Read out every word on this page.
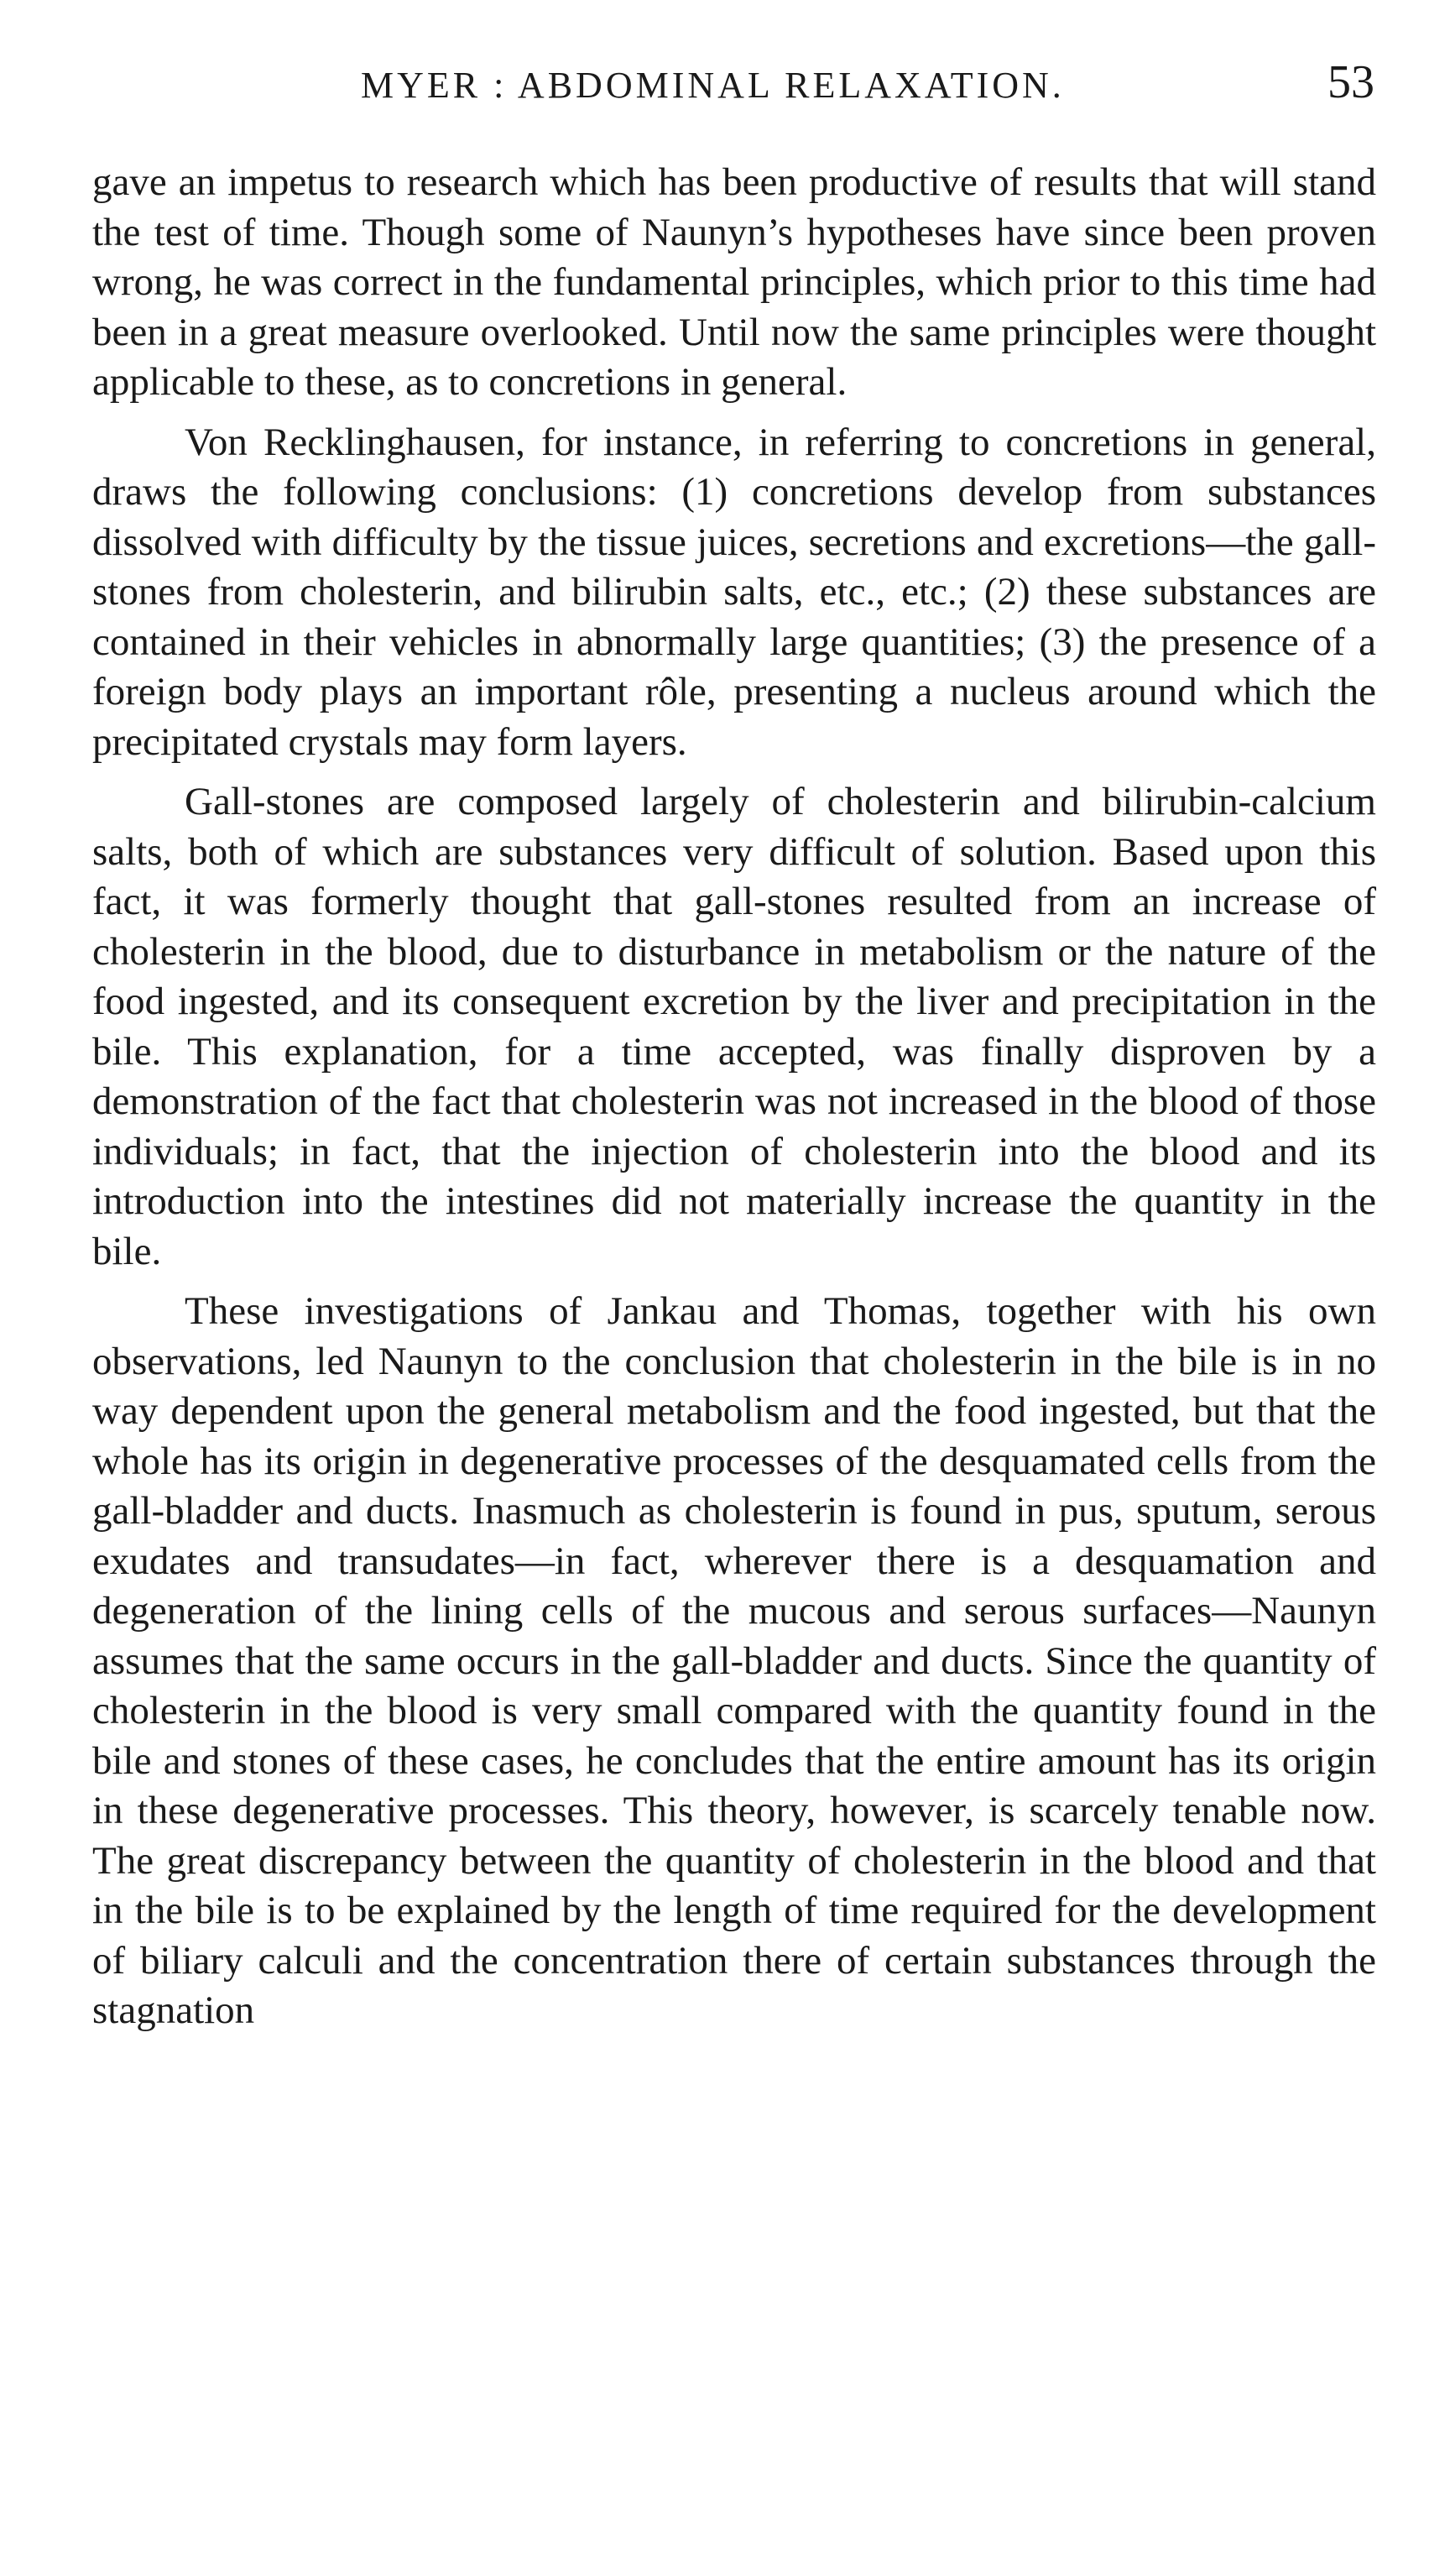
MYER : ABDOMINAL RELAXATION.	53

gave an impetus to research which has been productive of results that will stand the test of time. Though some of Naunyn’s hypotheses have since been proven wrong, he was correct in the fundamental principles, which prior to this time had been in a great measure overlooked. Until now the same principles were thought applicable to these, as to concretions in general.

Von Recklinghausen, for instance, in referring to concretions in general, draws the following conclusions: (1) concretions develop from substances dissolved with difficulty by the tissue juices, secretions and excretions—the gall-stones from cholesterin, and bilirubin salts, etc., etc.; (2) these substances are contained in their vehicles in abnormally large quantities; (3) the presence of a foreign body plays an important rôle, presenting a nucleus around which the precipitated crystals may form layers.

Gall-stones are composed largely of cholesterin and bilirubin-calcium salts, both of which are substances very difficult of solution. Based upon this fact, it was formerly thought that gall-stones resulted from an increase of cholesterin in the blood, due to disturbance in metabolism or the nature of the food ingested, and its consequent excretion by the liver and precipitation in the bile. This explanation, for a time accepted, was finally disproven by a demonstration of the fact that cholesterin was not increased in the blood of those individuals; in fact, that the injection of cholesterin into the blood and its introduction into the intestines did not materially increase the quantity in the bile.

These investigations of Jankau and Thomas, together with his own observations, led Naunyn to the conclusion that cholesterin in the bile is in no way dependent upon the general metabolism and the food ingested, but that the whole has its origin in degenerative processes of the desquamated cells from the gall-bladder and ducts. Inasmuch as cholesterin is found in pus, sputum, serous exudates and transudates—in fact, wherever there is a desquamation and degeneration of the lining cells of the mucous and serous surfaces—Naunyn assumes that the same occurs in the gall-bladder and ducts. Since the quantity of cholesterin in the blood is very small compared with the quantity found in the bile and stones of these cases, he concludes that the entire amount has its origin in these degenerative processes. This theory, however, is scarcely tenable now. The great discrepancy between the quantity of cholesterin in the blood and that in the bile is to be explained by the length of time required for the development of biliary calculi and the concentration there of certain substances through the stagnation
